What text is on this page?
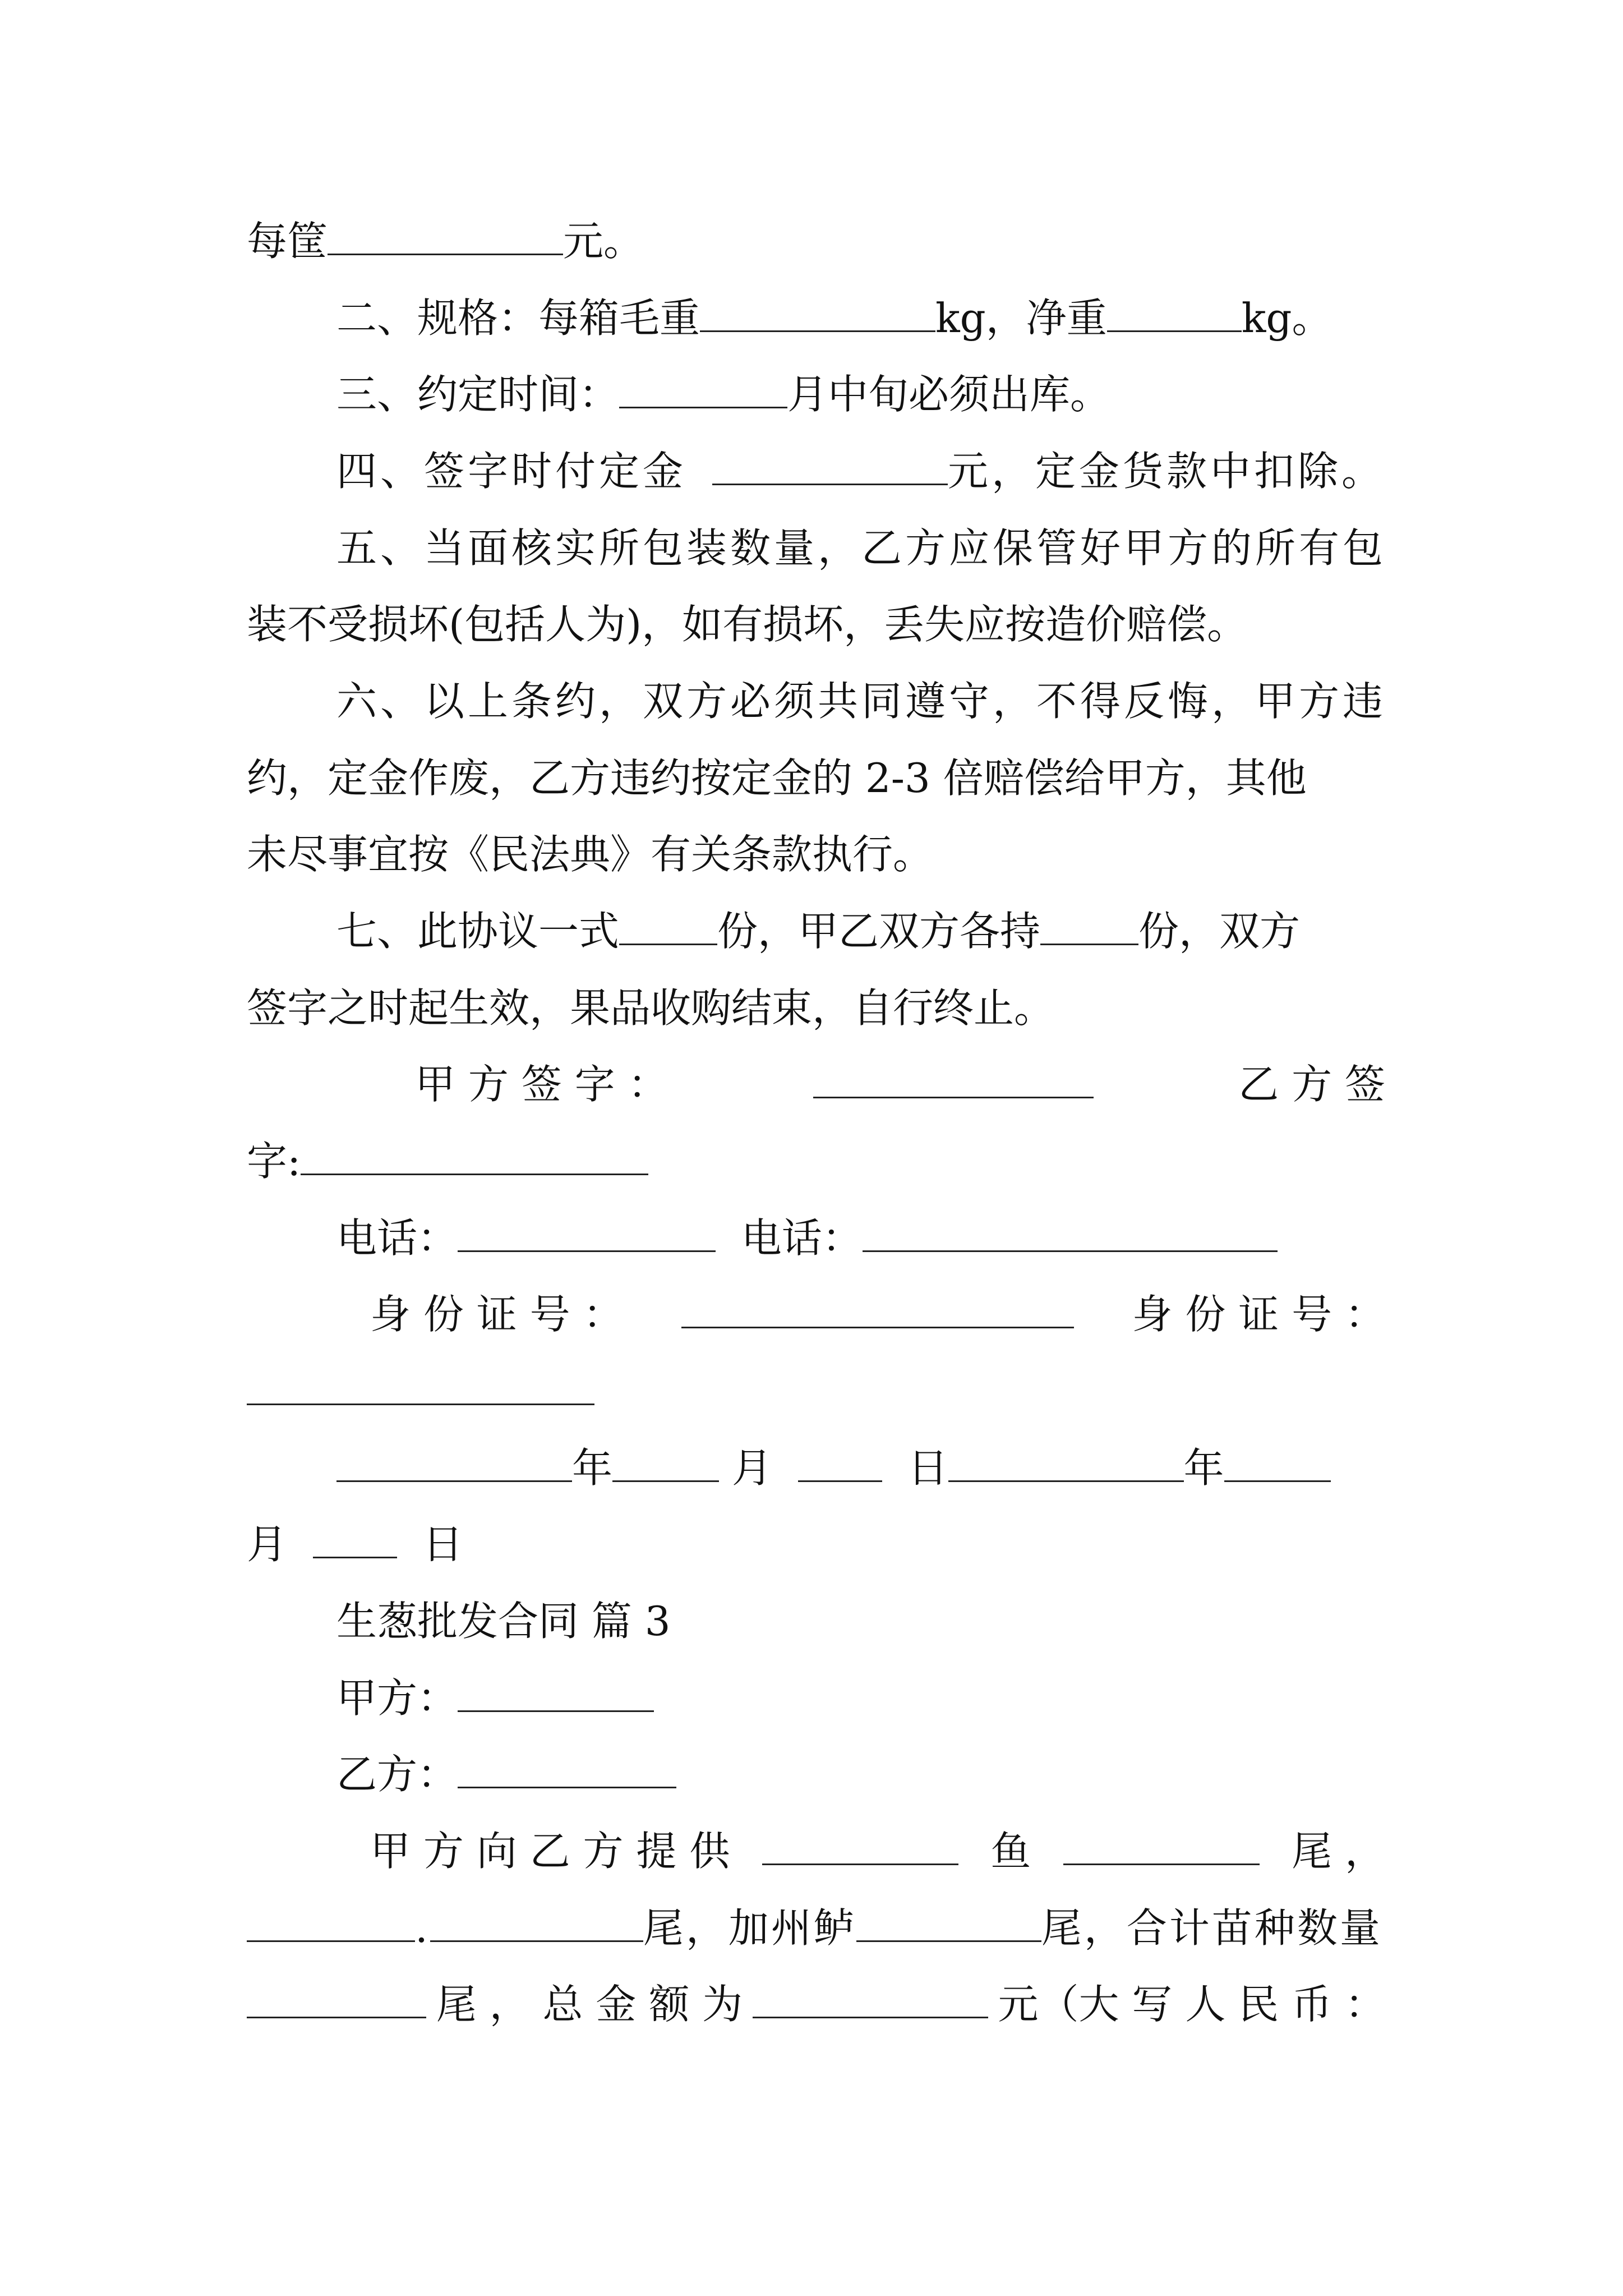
每筐	元。
二、规格：每箱毛重	kg，净重	kg。
三、约定时间：	月中旬必须出库。
四、签字时付定金	元，定金货款中扣除。
五、当面核实所包装数量，乙方应保管好甲方的所有包
装不受损坏(包括人为)，如有损坏，丢失应按造价赔偿。
六、以上条约，双方必须共同遵守，不得反悔，甲方违
约，定金作废，乙方违约按定金的 2-3 倍赔偿给甲方，其他
未尽事宜按《民法典》有关条款执行。
七、此协议一式 份，甲乙双方各持 份，双方
签字之时起生效，果品收购结束，自行终止。
甲 方 签 字 ：	乙 方 签
字:
电话：	电话：
身 份 证 号 ：	身 份 证 号 ：
年	月	日	年
月	日
生葱批发合同 篇 3
甲方：
乙方：
甲 方 向 乙 方 提 供	鱼	尾 ，
.	尾，加州鲈	尾，合计苗种数量
尾 ， 总 金 额 为	元（大 写 人 民 币 ：
